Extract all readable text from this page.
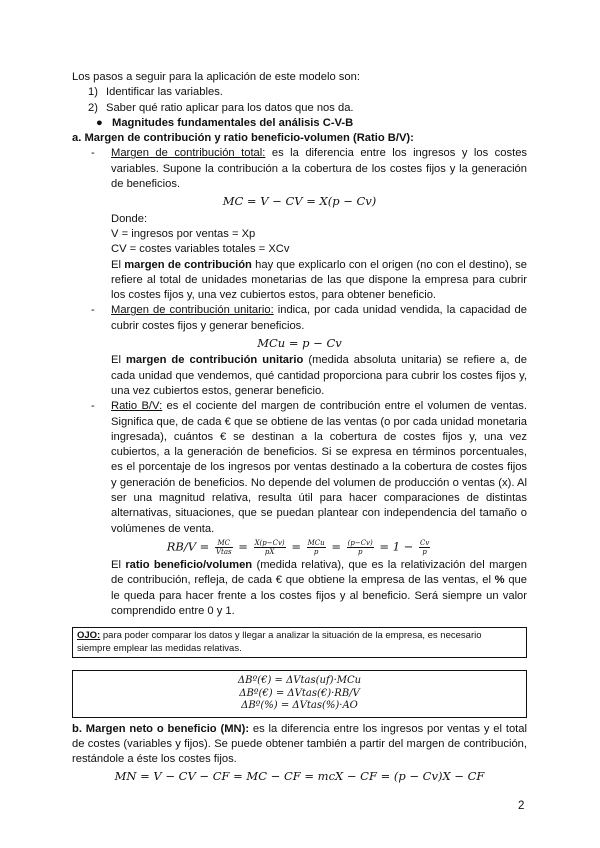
Los pasos a seguir para la aplicación de este modelo son:

1) Identificar las variables.
2) Saber qué ratio aplicar para los datos que nos da.
● Magnitudes fundamentales del análisis C-V-B
a. Margen de contribución y ratio beneficio-volumen (Ratio B/V):
- Margen de contribución total: es la diferencia entre los ingresos y los costes variables. Supone la contribución a la cobertura de los costes fijos y la generación de beneficios.

MC = V − CV = X(p − Cv)
Donde:
V = ingresos por ventas = Xp
CV = costes variables totales = XCv

El margen de contribución hay que explicarlo con el origen (no con el destino), se refiere al total de unidades monetarias de las que dispone la empresa para cubrir los costes fijos y, una vez cubiertos estos, para obtener beneficio.

- Margen de contribución unitario: indica, por cada unidad vendida, la capacidad de cubrir costes fijos y generar beneficios.

MCu = p − Cv

El margen de contribución unitario (medida absoluta unitaria) se refiere a, de cada unidad que vendemos, qué cantidad proporciona para cubrir los costes fijos y, una vez cubiertos estos, generar beneficio.

- Ratio B/V: es el cociente del margen de contribución entre el volumen de ventas. Significa que, de cada € que se obtiene de las ventas (o por cada unidad monetaria ingresada), cuántos € se destinan a la cobertura de costes fijos y, una vez cubiertos, a la generación de beneficios. Si se expresa en términos porcentuales, es el porcentaje de los ingresos por ventas destinado a la cobertura de costes fijos y generación de beneficios. No depende del volumen de producción o ventas (x). Al ser una magnitud relativa, resulta útil para hacer comparaciones de distintas alternativas, situaciones, que se puedan plantear con independencia del tamaño o volúmenes de venta.

$RB/V = \frac{MC}{\text{Vtas}} = \frac{X(p-Cv)}{pX} = \frac{\text{MCu}}{p} = \frac{(p-Cv)}{p} = 1 - \frac{Cv}{p}$

El ratio beneficio/volumen (medida relativa), que es la relativización del margen de contribución, refleja, de cada € que obtiene la empresa de las ventas, el % que le queda para hacer frente a los costes fijos y al beneficio. Será siempre un valor comprendido entre 0 y 1.

OJO: para poder comparar los datos y llegar a analizar la situación de la empresa, es necesario
siempre emplear las medidas relativas.
ΔBº(€) = ΔVtas(uf)·MCu
ΔBº(€) = ΔVtas(€)·RB/V
ΔBº(%) = ΔVtas(%)·AO

b. Margen neto o beneficio (MN): es la diferencia entre los ingresos por ventas y el total de costes (variables y fijos). Se puede obtener también a partir del margen de contribución, restándole a éste los costes fijos.

MN = V − CV − CF = MC − CF = mcX − CF = (p − Cv)X − CF
2
